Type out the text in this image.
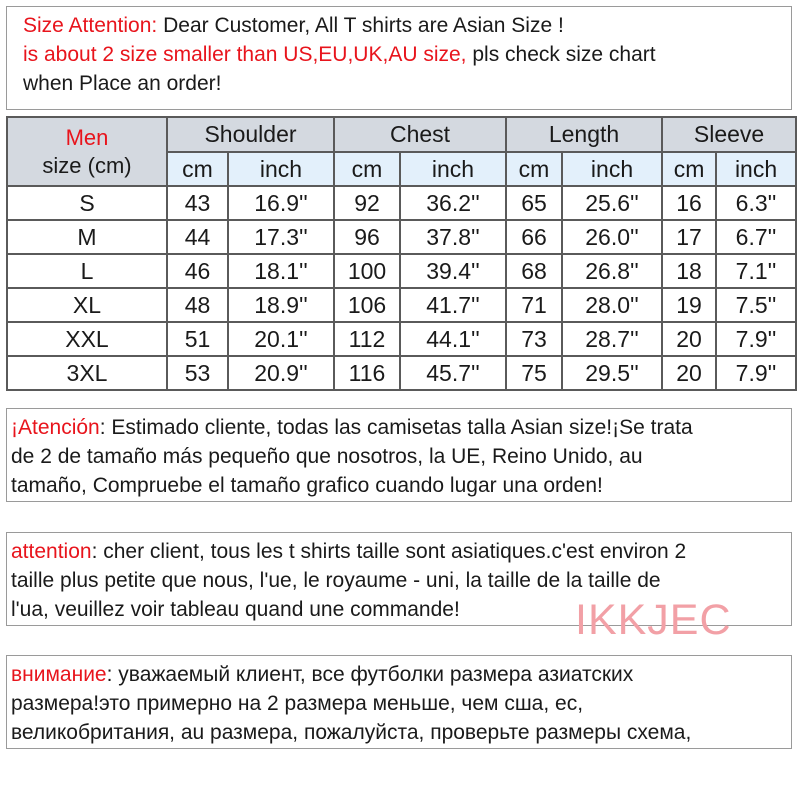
Size Attention: Dear Customer, All T shirts are Asian Size !
is about 2 size smaller than US,EU,UK,AU size, pls check size chart
when Place an order!
Men
size (cm)	Shoulder		Chest		Length		Sleeve	
	cm	inch	cm	inch	cm	inch	cm	inch
S	43	16.9''	92	36.2''	65	25.6''	16	6.3''
M	44	17.3''	96	37.8''	66	26.0''	17	6.7''
L	46	18.1''	100	39.4''	68	26.8''	18	7.1''
XL	48	18.9''	106	41.7''	71	28.0''	19	7.5''
XXL	51	20.1''	112	44.1''	73	28.7''	20	7.9''
3XL	53	20.9''	116	45.7''	75	29.5''	20	7.9''
¡Atención: Estimado cliente, todas las camisetas talla Asian size!¡Se trata
de 2 de tamaño más pequeño que nosotros, la UE, Reino Unido, au
tamaño, Compruebe el tamaño grafico cuando lugar una orden!
attention: cher client, tous les t shirts taille sont asiatiques.c'est environ 2
taille plus petite que nous, l'ue, le royaume - uni, la taille de la taille de
l'ua, veuillez voir tableau quand une commande!	IKKJEC
внимание: уважаемый клиент, все футболки размера азиатских
размера!это примерно на 2 размера меньше, чем сша, ес,
великобритания, au размера, пожалуйста, проверьте размеры схема,
